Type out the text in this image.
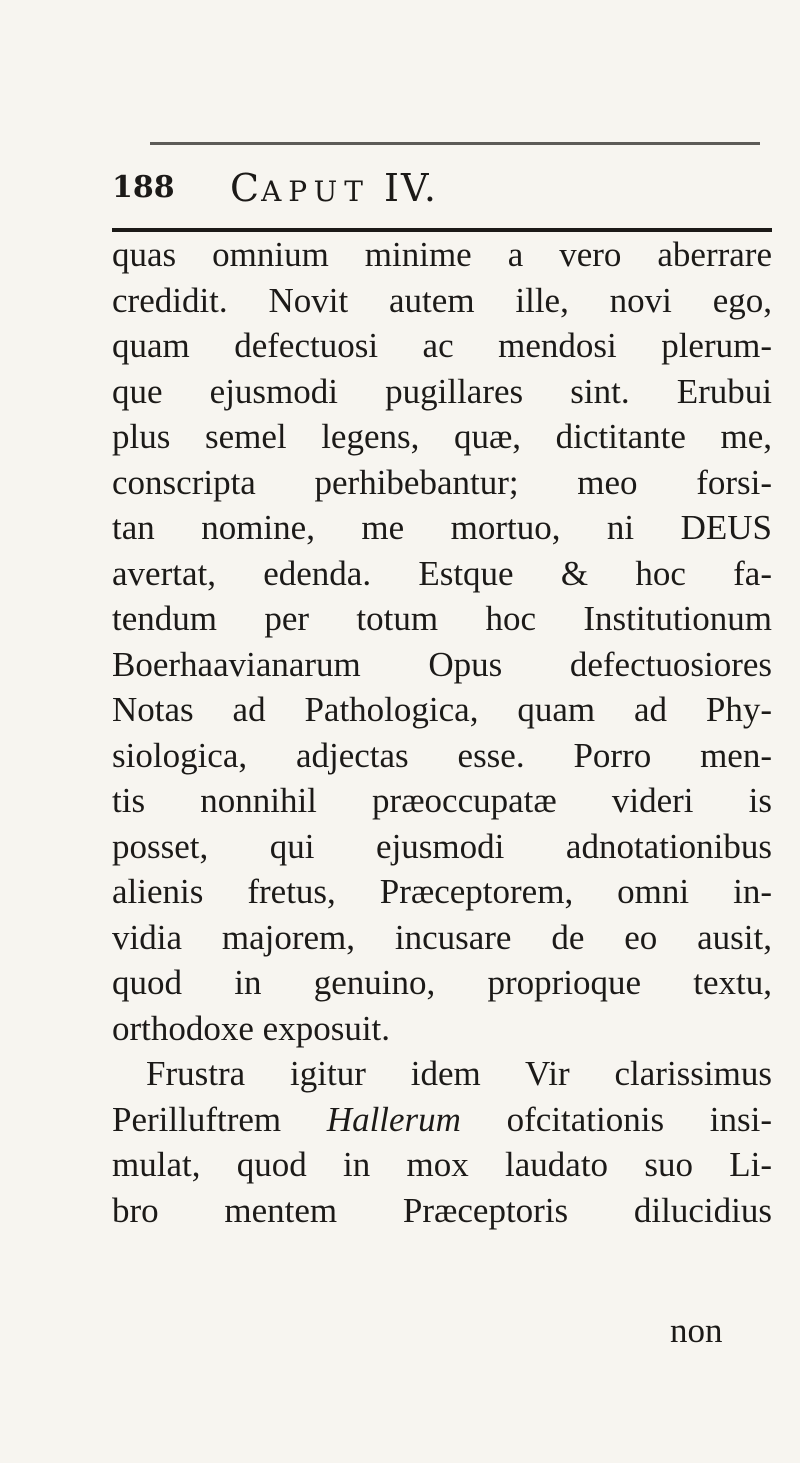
188 CAPUT IV.
quas omnium minime a vero aberrare
credidit. Novit autem ille, novi ego,
quam defectuosi ac mendosi plerum-
que ejusmodi pugillares sint. Erubui
plus semel legens, quæ, dictitante me,
conscripta perhibebantur; meo forsi-
tan nomine, me mortuo, ni DEUS
avertat, edenda. Estque & hoc fa-
tendum per totum hoc Institutionum
Boerhaavianarum Opus defectuosiores
Notas ad Pathologica, quam ad Phy-
siologica, adjectas esse. Porro men-
tis nonnihil præoccupatæ videri is
posset, qui ejusmodi adnotationibus
alienis fretus, Præceptorem, omni in-
vidia majorem, incusare de eo ausit,
quod in genuino, proprioque textu,
orthodoxe exposuit.
Frustra igitur idem Vir clarissimus
Perilluftrem Hallerum ofcitationis insi-
mulat, quod in mox laudato suo Li-
bro mentem Præceptoris dilucidius
non
